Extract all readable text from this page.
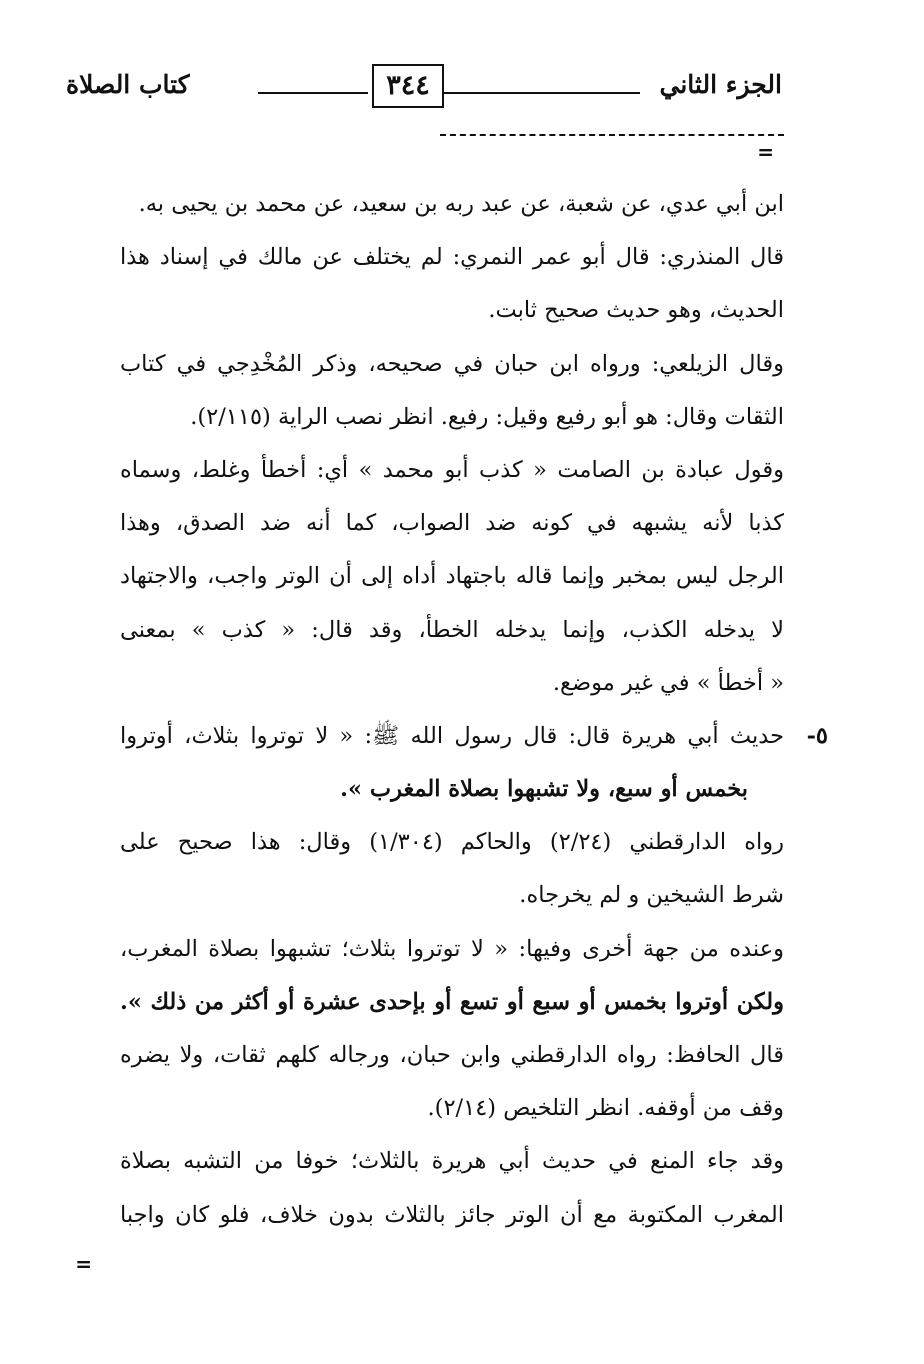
الجزء الثاني
٣٤٤
كتاب الصلاة
=
ابن أبي عدي، عن شعبة، عن عبد ربه بن سعيد، عن محمد بن يحيى به.
قال المنذري: قال أبو عمر النمري: لم يختلف عن مالك في إسناد هذا
الحديث، وهو حديث صحيح ثابت.
وقال الزيلعي: ورواه ابن حبان في صحيحه، وذكر المُخْدِجي في كتاب
الثقات وقال: هو أبو رفيع وقيل: رفيع. انظر نصب الراية (٢/١١٥).
وقول عبادة بن الصامت « كذب أبو محمد » أي: أخطأ وغلط، وسماه
كذبا لأنه يشبهه في كونه ضد الصواب، كما أنه ضد الصدق، وهذا
الرجل ليس بمخبر وإنما قاله باجتهاد أداه إلى أن الوتر واجب، والاجتهاد
لا يدخله الكذب، وإنما يدخله الخطأ، وقد قال: « كذب » بمعنى
« أخطأ » في غير موضع.
٥-
حديث أبي هريرة قال: قال رسول الله ﷺ: « لا توتروا بثلاث، أوتروا
بخمس أو سبع، ولا تشبهوا بصلاة المغرب ».
رواه الدارقطني (٢/٢٤) والحاكم (١/٣٠٤) وقال: هذا صحيح على
شرط الشيخين و لم يخرجاه.
وعنده من جهة أخرى وفيها: « لا توتروا بثلاث؛ تشبهوا بصلاة المغرب،
ولكن أوتروا بخمس أو سبع أو تسع أو بإحدى عشرة أو أكثر من ذلك ».
قال الحافظ: رواه الدارقطني وابن حبان، ورجاله كلهم ثقات، ولا يضره
وقف من أوقفه. انظر التلخيص (٢/١٤).
وقد جاء المنع في حديث أبي هريرة بالثلاث؛ خوفا من التشبه بصلاة
المغرب المكتوبة مع أن الوتر جائز بالثلاث بدون خلاف، فلو كان واجبا
=
